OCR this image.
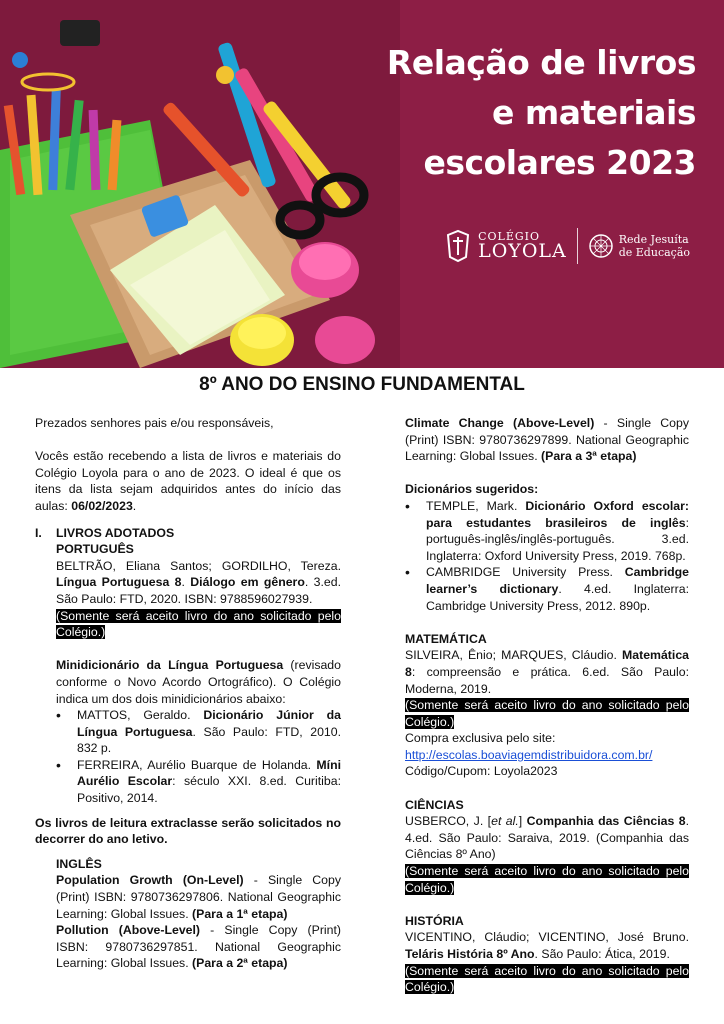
Relação de livros
e materiais
escolares 2023
COLÉGIO
LOYOLA
Rede Jesuíta
de Educação
8º ANO DO ENSINO FUNDAMENTAL

Prezados senhores pais e/ou responsáveis,

Vocês estão recebendo a lista de livros e materiais do Colégio Loyola para o ano de 2023. O ideal é que os itens da lista sejam adquiridos antes do início das aulas: 06/02/2023.

I.	LIVROS ADOTADOS

PORTUGUÊS

BELTRÃO, Eliana Santos; GORDILHO, Tereza. Língua Portuguesa 8. Diálogo em gênero. 3.ed. São Paulo: FTD, 2020. ISBN: 9788596027939.

(Somente será aceito livro do ano solicitado pelo Colégio.)

Minidicionário da Língua Portuguesa (revisado conforme o Novo Acordo Ortográfico). O Colégio indica um dos dois minidicionários abaixo:

• MATTOS, Geraldo. Dicionário Júnior da Língua Portuguesa. São Paulo: FTD, 2010. 832 p.
• FERREIRA, Aurélio Buarque de Holanda. Míni Aurélio Escolar: século XXI. 8.ed. Curitiba: Positivo, 2014.

Os livros de leitura extraclasse serão solicitados no decorrer do ano letivo.

INGLÊS

Population Growth (On-Level) - Single Copy (Print) ISBN: 9780736297806. National Geographic Learning: Global Issues. (Para a 1ª etapa)

Pollution (Above-Level) - Single Copy (Print) ISBN: 9780736297851. National Geographic Learning: Global Issues. (Para a 2ª etapa)

Climate Change (Above-Level) - Single Copy (Print) ISBN: 9780736297899. National Geographic Learning: Global Issues. (Para a 3ª etapa)

Dicionários sugeridos:

• TEMPLE, Mark. Dicionário Oxford escolar: para estudantes brasileiros de inglês: português-inglês/inglês-português. 3.ed. Inglaterra: Oxford University Press, 2019. 768p.
• CAMBRIDGE University Press. Cambridge learner’s dictionary. 4.ed. Inglaterra: Cambridge University Press, 2012. 890p.

MATEMÁTICA

SILVEIRA, Ênio; MARQUES, Cláudio. Matemática 8: compreensão e prática. 6.ed. São Paulo: Moderna, 2019.

(Somente será aceito livro do ano solicitado pelo Colégio.)

Compra exclusiva pelo site:

http://escolas.boaviagemdistribuidora.com.br/

Código/Cupom: Loyola2023

CIÊNCIAS

USBERCO, J. [et al.] Companhia das Ciências 8. 4.ed. São Paulo: Saraiva, 2019. (Companhia das Ciências 8º Ano)

(Somente será aceito livro do ano solicitado pelo Colégio.)

HISTÓRIA

VICENTINO, Cláudio; VICENTINO, José Bruno. Teláris História 8º Ano. São Paulo: Ática, 2019.

(Somente será aceito livro do ano solicitado pelo Colégio.)
